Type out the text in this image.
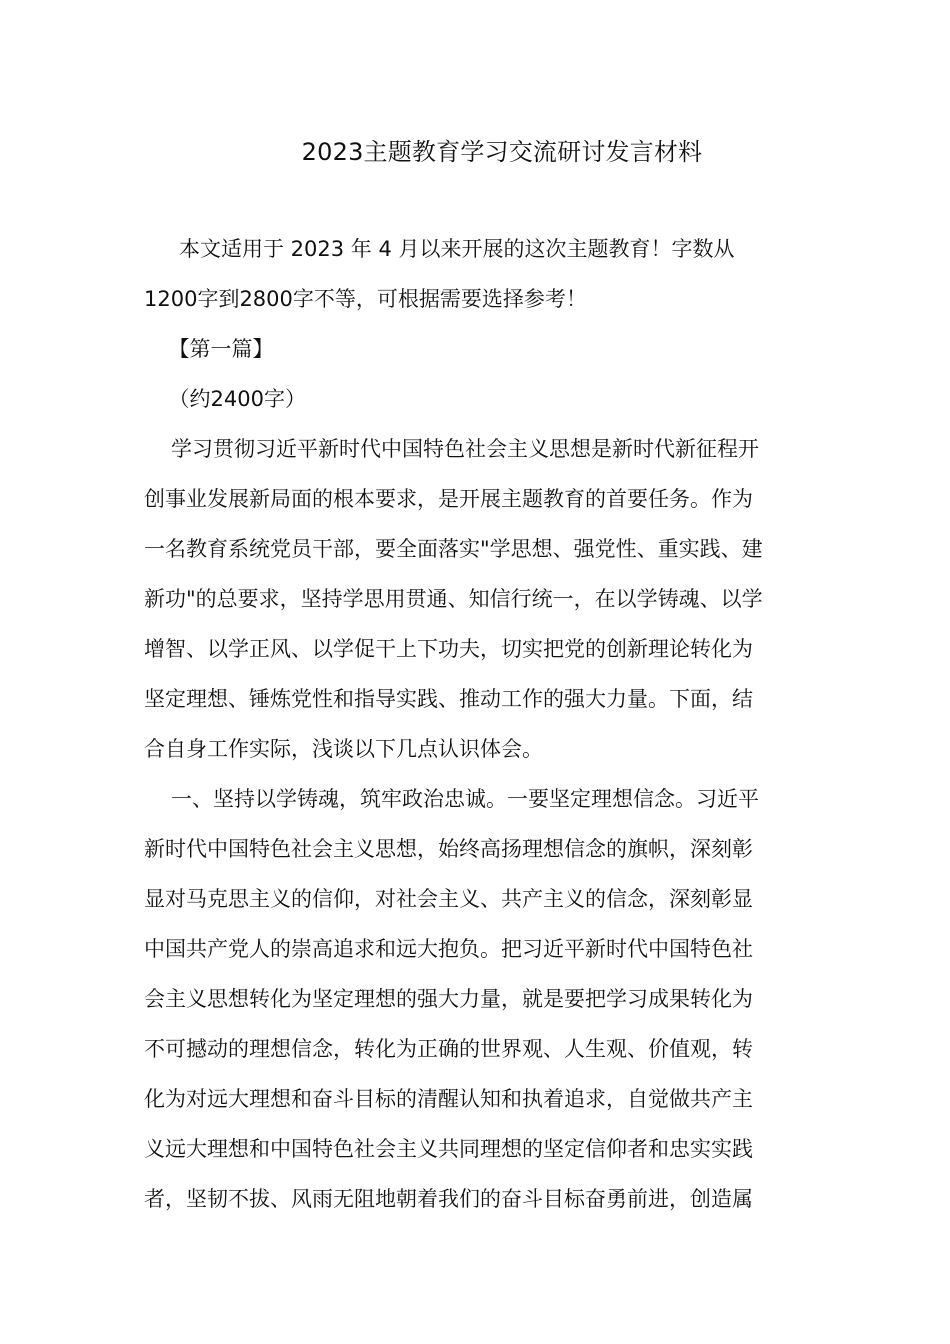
2023主题教育学习交流研讨发言材料
　本文适用于 2023 年 4 月以来开展的这次主题教育！字数从
1200字到2800字不等，可根据需要选择参考！
　【第一篇】
　（约2400字）
　学习贯彻习近平新时代中国特色社会主义思想是新时代新征程开
创事业发展新局面的根本要求，是开展主题教育的首要任务。作为
一名教育系统党员干部，要全面落实"学思想、强党性、重实践、建
新功"的总要求，坚持学思用贯通、知信行统一，在以学铸魂、以学
增智、以学正风、以学促干上下功夫，切实把党的创新理论转化为
坚定理想、锤炼党性和指导实践、推动工作的强大力量。下面，结
合自身工作实际，浅谈以下几点认识体会。
　一、坚持以学铸魂，筑牢政治忠诚。一要坚定理想信念。习近平
新时代中国特色社会主义思想，始终高扬理想信念的旗帜，深刻彰
显对马克思主义的信仰，对社会主义、共产主义的信念，深刻彰显
中国共产党人的崇高追求和远大抱负。把习近平新时代中国特色社
会主义思想转化为坚定理想的强大力量，就是要把学习成果转化为
不可撼动的理想信念，转化为正确的世界观、人生观、价值观，转
化为对远大理想和奋斗目标的清醒认知和执着追求，自觉做共产主
义远大理想和中国特色社会主义共同理想的坚定信仰者和忠实实践
者，坚韧不拔、风雨无阻地朝着我们的奋斗目标奋勇前进，创造属
